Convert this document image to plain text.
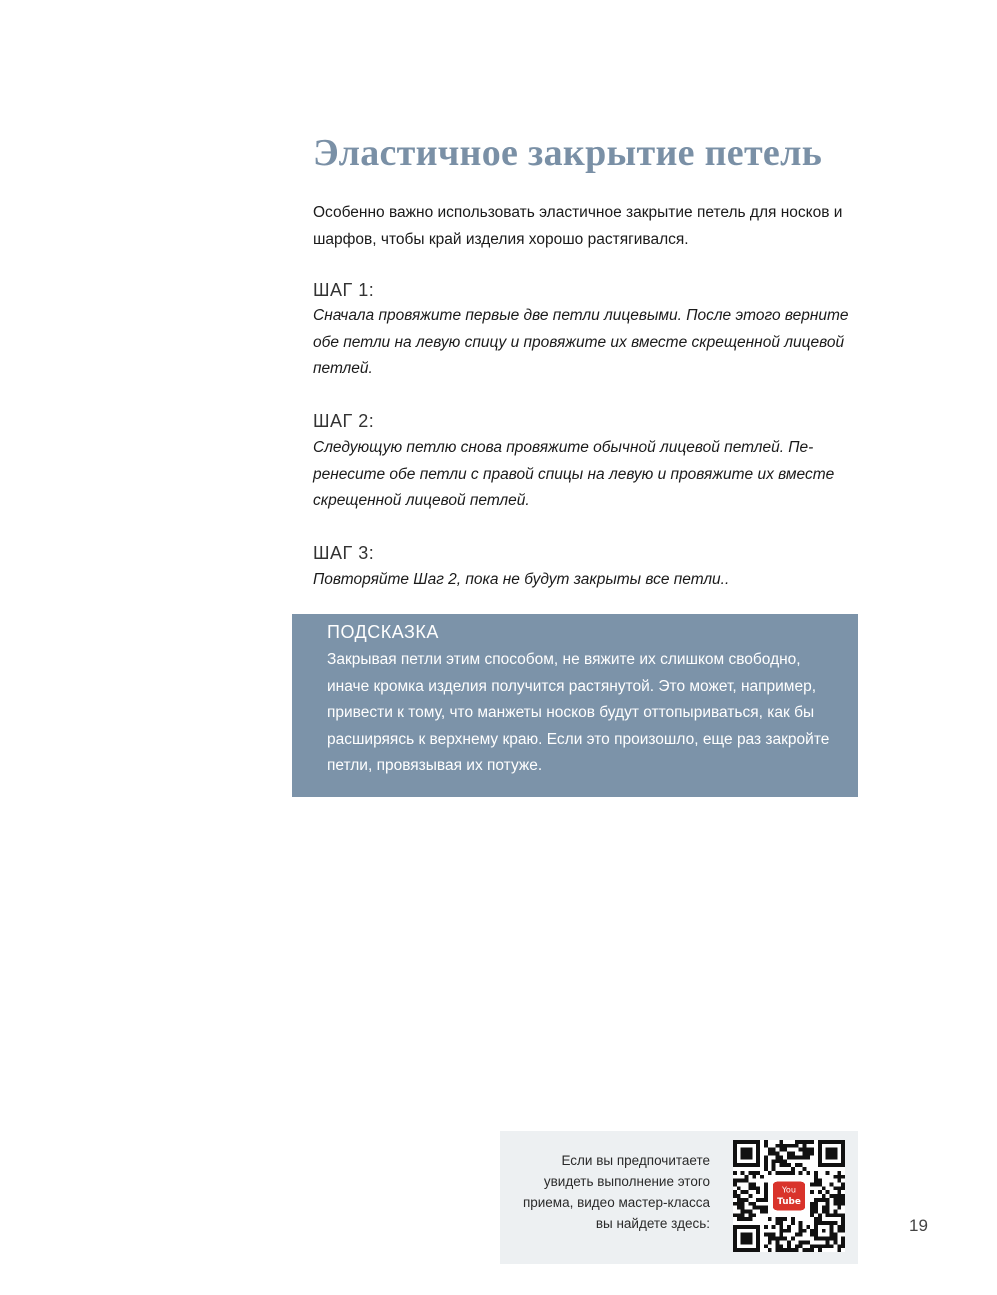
Эластичное закрытие петель

Особенно важно использовать эластичное закрытие петель для носков и шарфов, чтобы край изделия хорошо растягивался.

ШАГ 1:

Сначала провяжите первые две петли лицевыми. После этого верните обе петли на левую спицу и провяжите их вместе скрещенной лицевой петлей.

ШАГ 2:

Следующую петлю снова провяжите обычной лицевой петлей. Перенесите обе петли с правой спицы на левую и провяжите их вместе скрещенной лицевой петлей.

ШАГ 3:

Повторяйте Шаг 2, пока не будут закрыты все петли..

ПОДСКАЗКА

Закрывая петли этим способом, не вяжите их слишком свободно, иначе кромка изделия получится растянутой. Это может, например, привести к тому, что манжеты носков будут оттопыриваться, как бы расширяясь к верхнему краю. Если это произошло, еще раз закройте петли, провязывая их потуже.

Если вы предпочитаете увидеть выполнение этого приема, видео мастер-класса вы найдете здесь:

You
Tube
19
